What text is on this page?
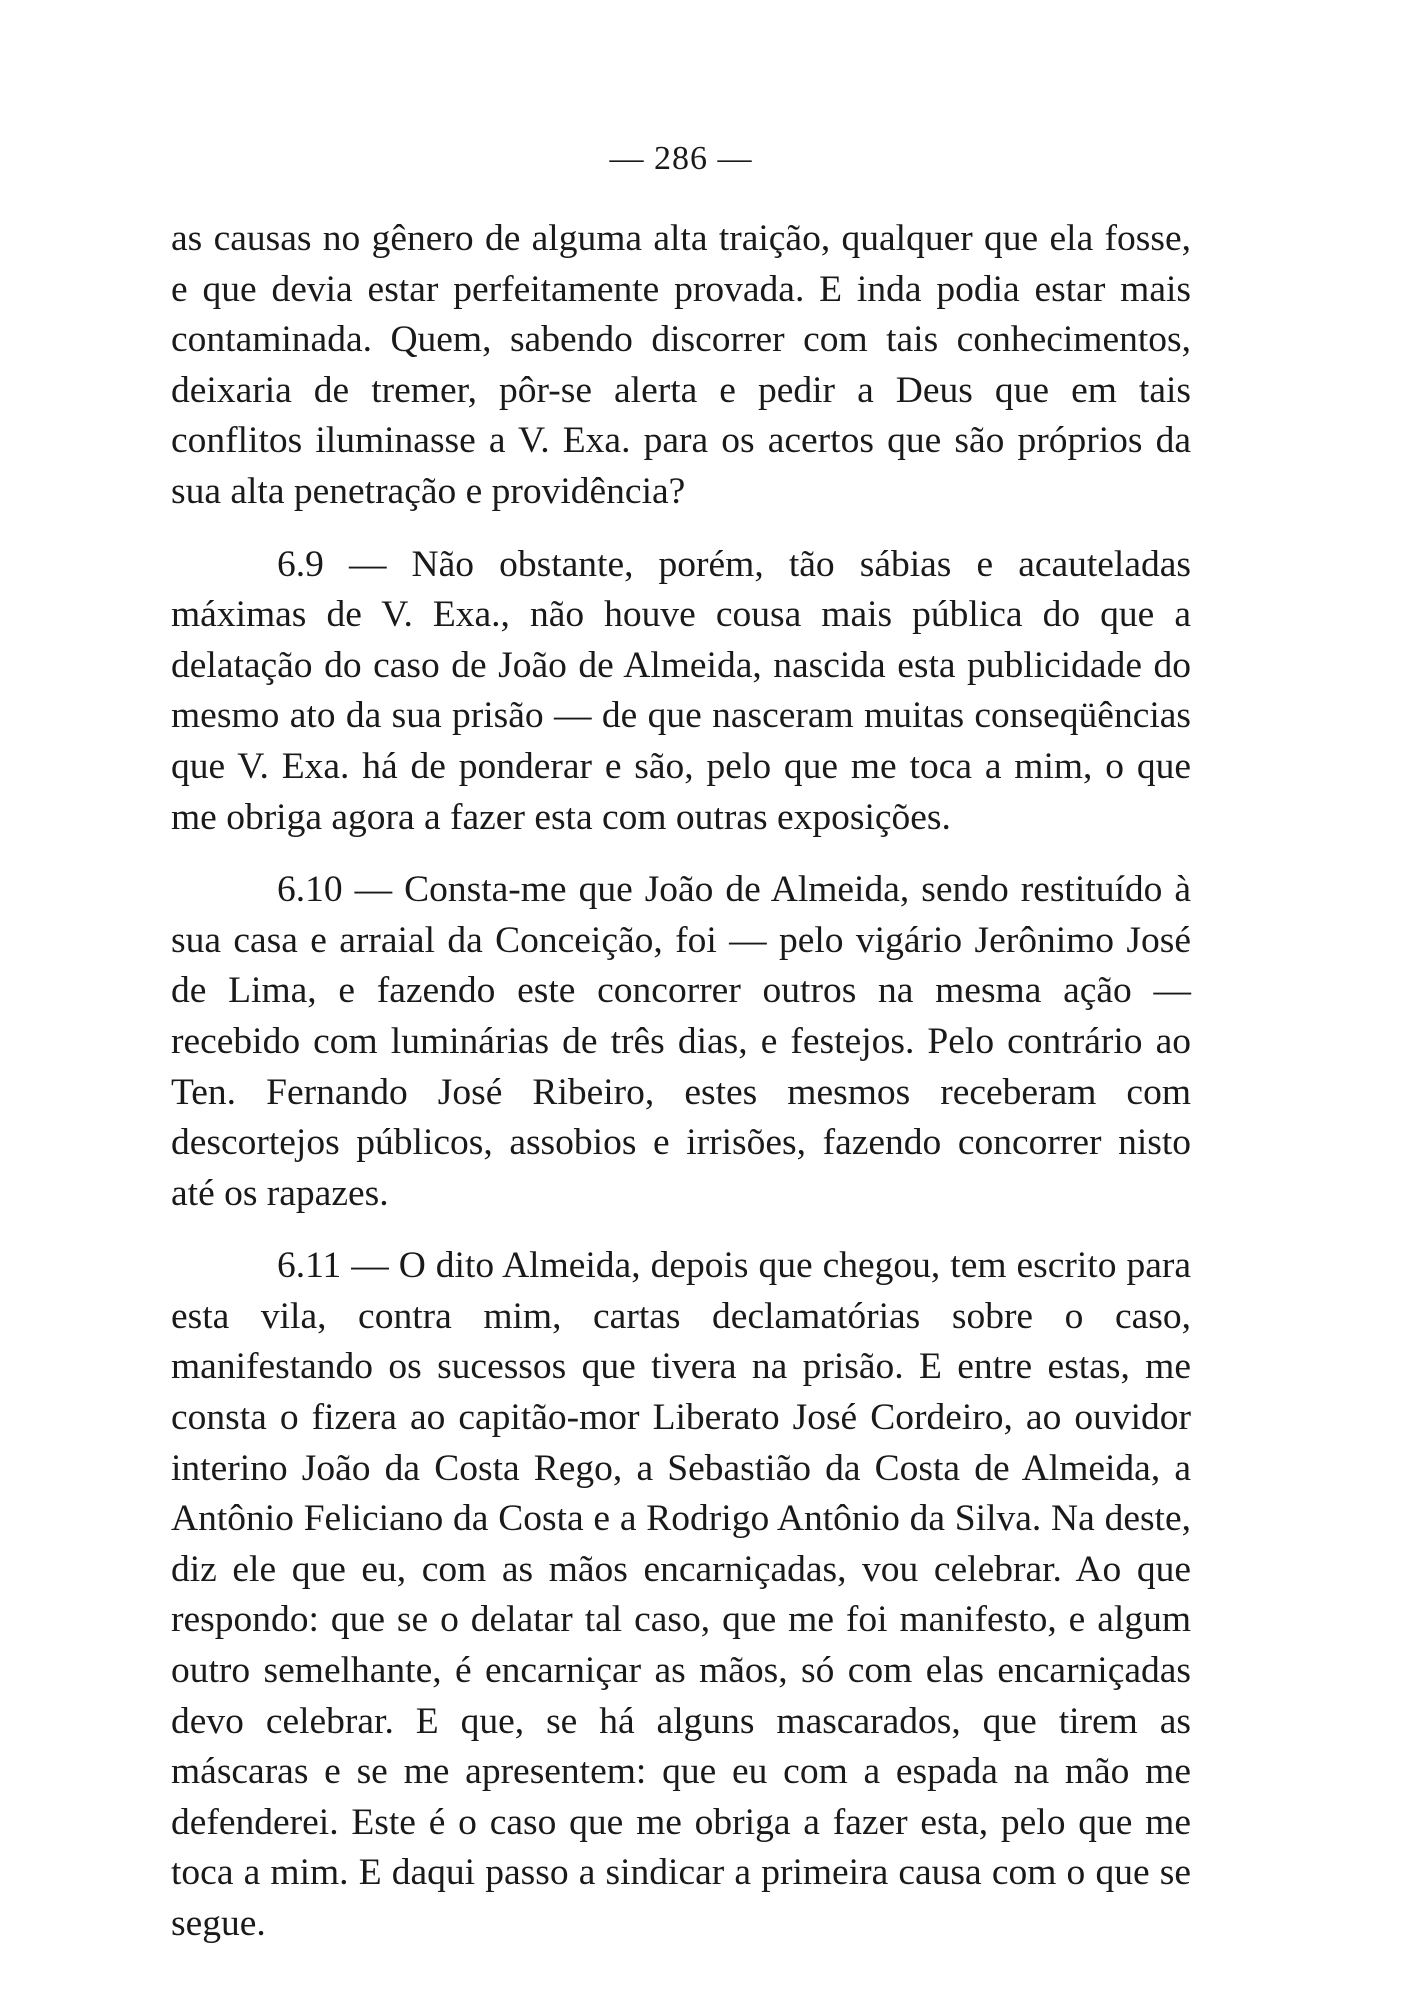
— 286 —

as causas no gênero de alguma alta traição, qualquer que ela fosse, e que devia estar perfeitamente provada. E inda podia estar mais contaminada. Quem, sabendo discorrer com tais conhecimentos, deixaria de tremer, pôr-se alerta e pedir a Deus que em tais conflitos iluminasse a V. Exa. para os acertos que são próprios da sua alta penetração e providência?

6.9 — Não obstante, porém, tão sábias e acauteladas máximas de V. Exa., não houve cousa mais pública do que a delatação do caso de João de Almeida, nascida esta publicidade do mesmo ato da sua prisão — de que nasceram muitas conseqüências que V. Exa. há de ponderar e são, pelo que me toca a mim, o que me obriga agora a fazer esta com outras exposições.

6.10 — Consta-me que João de Almeida, sendo restituído à sua casa e arraial da Conceição, foi — pelo vigário Jerônimo José de Lima, e fazendo este concorrer outros na mesma ação — recebido com luminárias de três dias, e festejos. Pelo contrário ao Ten. Fernando José Ribeiro, estes mesmos receberam com descortejos públicos, assobios e irrisões, fazendo concorrer nisto até os rapazes.

6.11 — O dito Almeida, depois que chegou, tem escrito para esta vila, contra mim, cartas declamatórias sobre o caso, manifestando os sucessos que tivera na prisão. E entre estas, me consta o fizera ao capitão-mor Liberato José Cordeiro, ao ouvidor interino João da Costa Rego, a Sebastião da Costa de Almeida, a Antônio Feliciano da Costa e a Rodrigo Antônio da Silva. Na deste, diz ele que eu, com as mãos encarniçadas, vou celebrar. Ao que respondo: que se o delatar tal caso, que me foi manifesto, e algum outro semelhante, é encarniçar as mãos, só com elas encarniçadas devo celebrar. E que, se há alguns mascarados, que tirem as máscaras e se me apresentem: que eu com a espada na mão me defenderei. Este é o caso que me obriga a fazer esta, pelo que me toca a mim. E daqui passo a sindicar a primeira causa com o que se segue.
